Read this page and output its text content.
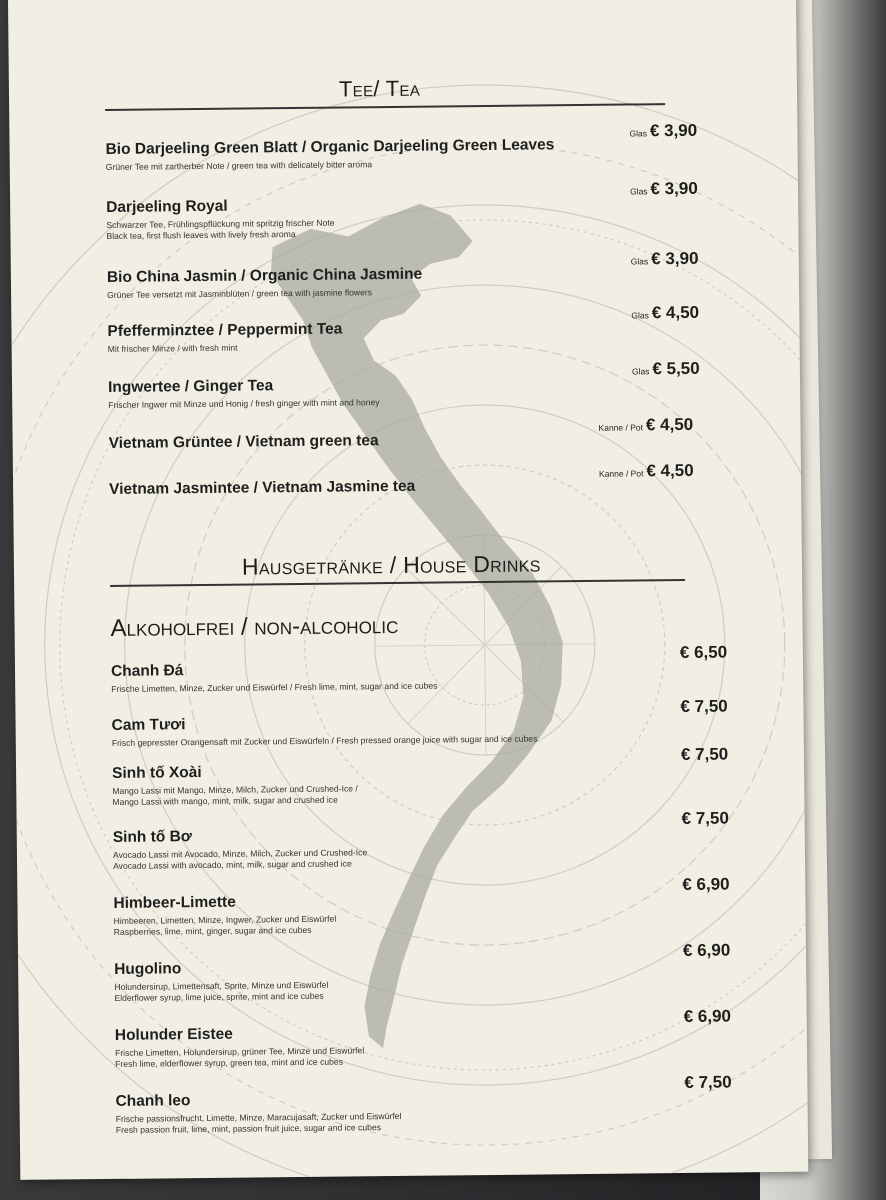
Tee/ Tea
Bio Darjeeling Green Blatt / Organic Darjeeling Green Leaves
Grüner Tee mit zartherber Note / green tea with delicately bitter aroma
Glas € 3,90
Darjeeling Royal
Schwarzer Tee, Frühlingspflückung mit spritzig frischer Note
Black tea, first flush leaves with lively fresh aroma
Glas € 3,90
Bio China Jasmin / Organic China Jasmine
Grüner Tee versetzt mit Jasminblüten / green tea with jasmine flowers
Glas € 3,90
Pfefferminztee / Peppermint Tea
Mit frischer Minze / with fresh mint
Glas € 4,50
Ingwertee / Ginger Tea
Frischer Ingwer mit Minze und Honig / fresh ginger with mint and honey
Glas € 5,50
Vietnam Grüntee / Vietnam green tea
Kanne / Pot € 4,50
Vietnam Jasmintee / Vietnam Jasmine tea
Kanne / Pot € 4,50
Hausgetränke / House Drinks
Alkoholfrei / non-alcoholic
Chanh Đá
Frische Limetten, Minze, Zucker und Eiswürfel / Fresh lime, mint, sugar and ice cubes
€ 6,50
Cam Tươi
Frisch gepresster Orangensaft mit Zucker und Eiswürfeln / Fresh pressed orange juice with sugar and ice cubes
€ 7,50
Sinh tố Xoài
Mango Lassi mit Mango, Minze, Milch, Zucker und Crushed-Ice /
Mango Lassi with mango, mint, milk, sugar and crushed ice
€ 7,50
Sinh tố Bơ
Avocado Lassi mit Avocado, Minze, Milch, Zucker und Crushed-Ice
Avocado Lassi with avocado, mint, milk, sugar and crushed ice
€ 7,50
Himbeer-Limette
Himbeeren, Limetten, Minze, Ingwer, Zucker und Eiswürfel
Raspberries, lime, mint, ginger, sugar and ice cubes
€ 6,90
Hugolino
Holundersirup, Limettensaft, Sprite, Minze und Eiswürfel
Elderflower syrup, lime juice, sprite, mint and ice cubes
€ 6,90
Holunder Eistee
Frische Limetten, Holundersirup, grüner Tee, Minze und Eiswürfel
Fresh lime, elderflower syrup, green tea, mint and ice cubes
€ 6,90
Chanh leo
Frische passionsfrucht, Limette, Minze, Maracujasaft, Zucker und Eiswürfel
Fresh passion fruit, lime, mint, passion fruit juice, sugar and ice cubes
€ 7,50
